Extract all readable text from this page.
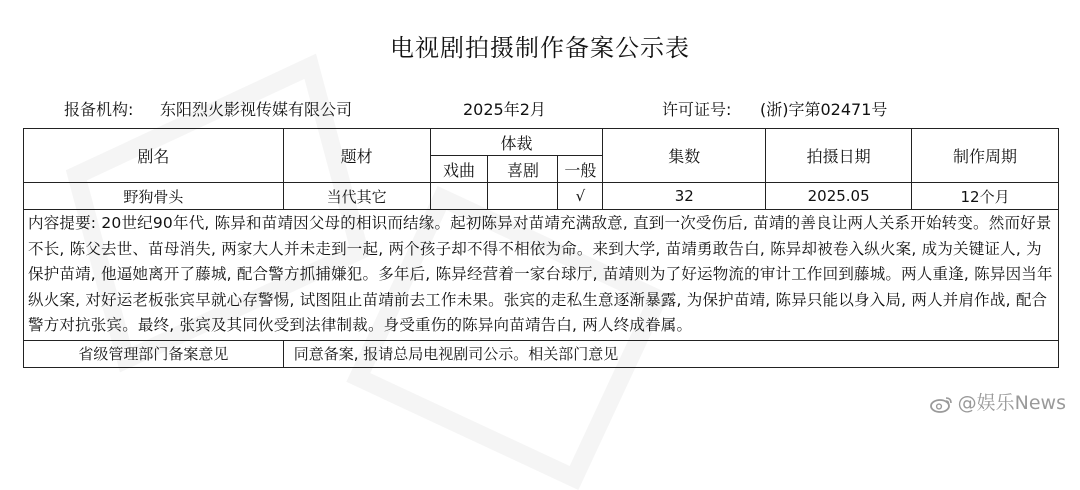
电视剧拍摄制作备案公示表
报备机构: 东阳烈火影视传媒有限公司	2025年2月	许可证号: (浙)字第02471号
剧名	题材	体裁			集数	拍摄日期	制作周期
		戏曲	喜剧	一般			
野狗骨头	当代其它			√	32	2025.05	12个月
内容提要: 20世纪90年代, 陈异和苗靖因父母的相识而结缘。起初陈异对苗靖充满敌意, 直到一次受伤后, 苗靖的善良让两人关系开始转变。然而好景不长, 陈父去世、苗母消失, 两家大人并未走到一起, 两个孩子却不得不相依为命。来到大学, 苗靖勇敢告白, 陈异却被卷入纵火案, 成为关键证人, 为保护苗靖, 他逼她离开了藤城, 配合警方抓捕嫌犯。多年后, 陈异经营着一家台球厅, 苗靖则为了好运物流的审计工作回到藤城。两人重逢, 陈异因当年纵火案, 对好运老板张宾早就心存警惕, 试图阻止苗靖前去工作未果。张宾的走私生意逐渐暴露, 为保护苗靖, 陈异只能以身入局, 两人并肩作战, 配合警方对抗张宾。最终, 张宾及其同伙受到法律制裁。身受重伤的陈异向苗靖告白, 两人终成眷属。							
省级管理部门备案意见	同意备案, 报请总局电视剧司公示。相关部门意见						
@娱乐News
